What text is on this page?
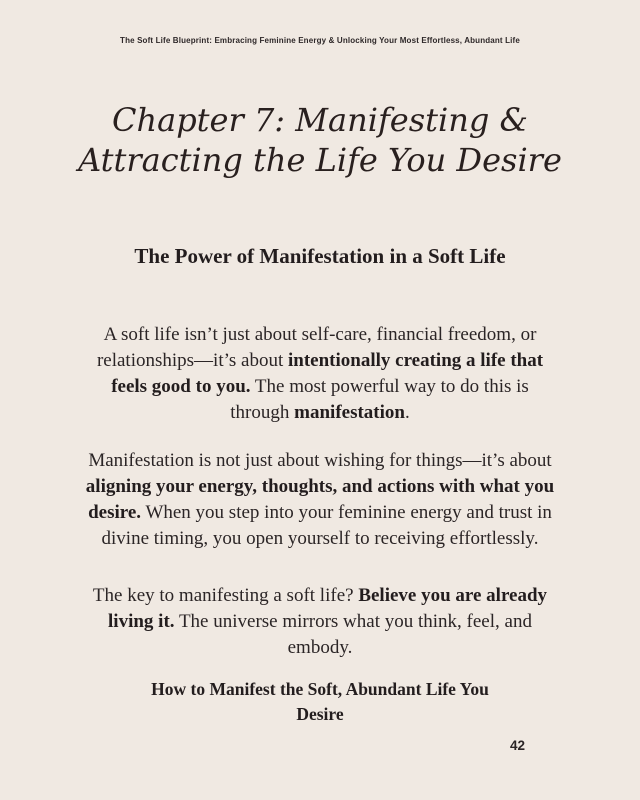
The Soft Life Blueprint: Embracing Feminine Energy & Unlocking Your Most Effortless, Abundant Life
Chapter 7: Manifesting &
Attracting the Life You Desire
The Power of Manifestation in a Soft Life

A soft life isn’t just about self-care, financial freedom, or relationships—it’s about intentionally creating a life that feels good to you. The most powerful way to do this is through manifestation.

Manifestation is not just about wishing for things—it’s about aligning your energy, thoughts, and actions with what you desire. When you step into your feminine energy and trust in divine timing, you open yourself to receiving effortlessly.

The key to manifesting a soft life? Believe you are already living it. The universe mirrors what you think, feel, and embody.

How to Manifest the Soft, Abundant Life You Desire
42
